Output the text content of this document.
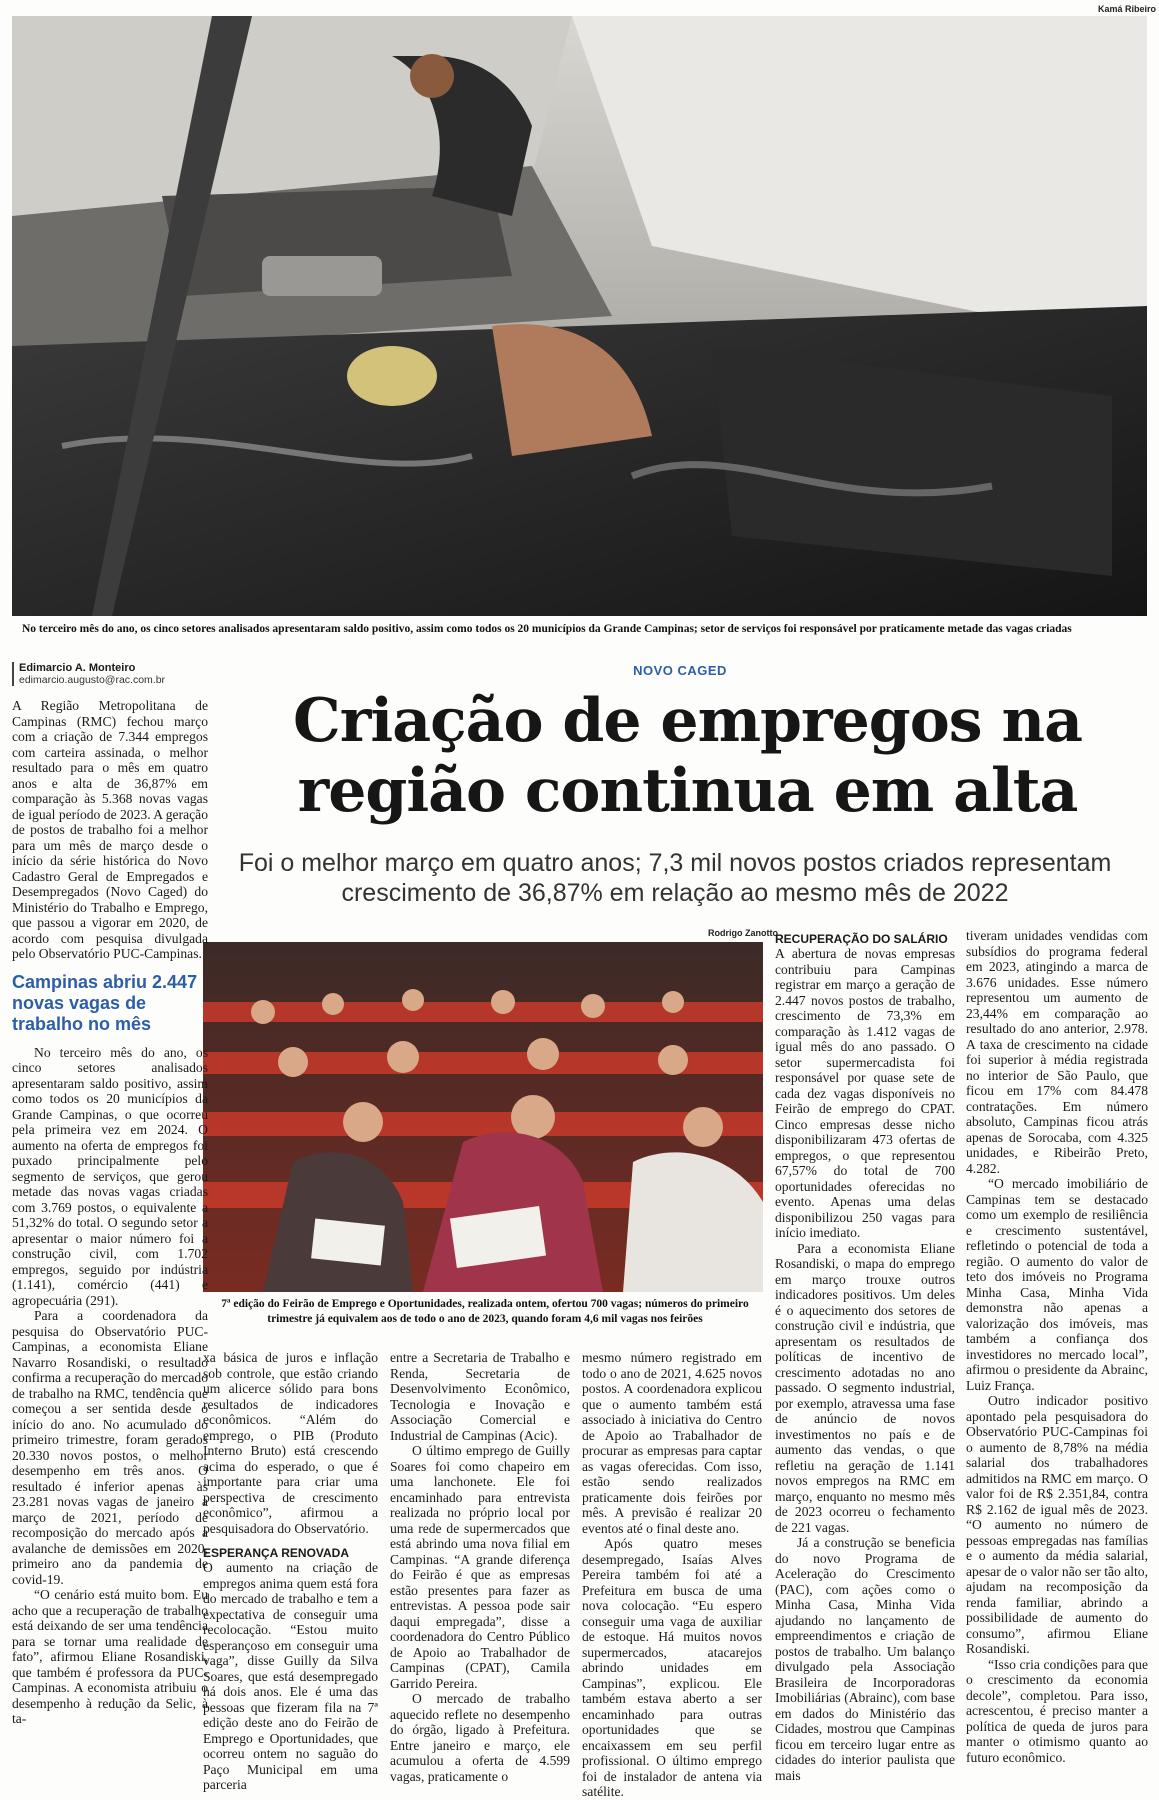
Kamá Ribeiro
No terceiro mês do ano, os cinco setores analisados apresentaram saldo positivo, assim como todos os 20 municípios da Grande Campinas; setor de serviços foi responsável por praticamente metade das vagas criadas
Edimarcio A. Monteiro
edimarcio.augusto@rac.com.br
NOVO CAGED
Criação de empregos na região continua em alta
Foi o melhor março em quatro anos; 7,3 mil novos postos criados representam crescimento de 36,87% em relação ao mesmo mês de 2022
Rodrigo Zanotto
7ª edição do Feirão de Emprego e Oportunidades, realizada ontem, ofertou 700 vagas; números do primeiro trimestre já equivalem aos de todo o ano de 2023, quando foram 4,6 mil vagas nos feirões

A Região Metropolitana de Campinas (RMC) fechou março com a criação de 7.344 empregos com carteira assinada, o melhor resultado para o mês em quatro anos e alta de 36,87% em comparação às 5.368 novas vagas de igual período de 2023. A geração de postos de trabalho foi a melhor para um mês de março desde o início da série histórica do Novo Cadastro Geral de Empregados e Desempregados (Novo Caged) do Ministério do Trabalho e Emprego, que passou a vigorar em 2020, de acordo com pesquisa divulgada pelo Observatório PUC-Campinas.

Campinas abriu 2.447 novas vagas de trabalho no mês

No terceiro mês do ano, os cinco setores analisados apresentaram saldo positivo, assim como todos os 20 municípios da Grande Campinas, o que ocorreu pela primeira vez em 2024. O aumento na oferta de empregos foi puxado principalmente pelo segmento de serviços, que gerou metade das novas vagas criadas com 3.769 postos, o equivalente a 51,32% do total. O segundo setor a apresentar o maior número foi a construção civil, com 1.702 empregos, seguido por indústria (1.141), comércio (441) e agropecuária (291).

Para a coordenadora da pesquisa do Observatório PUC-Campinas, a economista Eliane Navarro Rosandiski, o resultado confirma a recuperação do mercado de trabalho na RMC, tendência que começou a ser sentida desde o início do ano. No acumulado do primeiro trimestre, foram gerados 20.330 novos postos, o melhor desempenho em três anos. O resultado é inferior apenas às 23.281 novas vagas de janeiro a março de 2021, período de recomposição do mercado após a avalanche de demissões em 2020, primeiro ano da pandemia de covid-19.

“O cenário está muito bom. Eu acho que a recuperação de trabalho está deixando de ser uma tendência para se tornar uma realidade de fato”, afirmou Eliane Rosandiski, que também é professora da PUC-Campinas. A economista atribuiu o desempenho à redução da Selic, à ta-

xa básica de juros e inflação sob controle, que estão criando um alicerce sólido para bons resultados de indicadores econômicos. “Além do emprego, o PIB (Produto Interno Bruto) está crescendo acima do esperado, o que é importante para criar uma perspectiva de crescimento econômico”, afirmou a pesquisadora do Observatório.

ESPERANÇA RENOVADA

O aumento na criação de empregos anima quem está fora do mercado de trabalho e tem a expectativa de conseguir uma recolocação. “Estou muito esperançoso em conseguir uma vaga”, disse Guilly da Silva Soares, que está desempregado há dois anos. Ele é uma das pessoas que fizeram fila na 7ª edição deste ano do Feirão de Emprego e Oportunidades, que ocorreu ontem no saguão do Paço Municipal em uma parceria

entre a Secretaria de Trabalho e Renda, Secretaria de Desenvolvimento Econômico, Tecnologia e Inovação e Associação Comercial e Industrial de Campinas (Acic).

O último emprego de Guilly Soares foi como chapeiro em uma lanchonete. Ele foi encaminhado para entrevista realizada no próprio local por uma rede de supermercados que está abrindo uma nova filial em Campinas. “A grande diferença do Feirão é que as empresas estão presentes para fazer as entrevistas. A pessoa pode sair daqui empregada”, disse a coordenadora do Centro Público de Apoio ao Trabalhador de Campinas (CPAT), Camila Garrido Pereira.

O mercado de trabalho aquecido reflete no desempenho do órgão, ligado à Prefeitura. Entre janeiro e março, ele acumulou a oferta de 4.599 vagas, praticamente o

mesmo número registrado em todo o ano de 2021, 4.625 novos postos. A coordenadora explicou que o aumento também está associado à iniciativa do Centro de Apoio ao Trabalhador de procurar as empresas para captar as vagas oferecidas. Com isso, estão sendo realizados praticamente dois feirões por mês. A previsão é realizar 20 eventos até o final deste ano.

Após quatro meses desempregado, Isaías Alves Pereira também foi até a Prefeitura em busca de uma nova colocação. “Eu espero conseguir uma vaga de auxiliar de estoque. Há muitos novos supermercados, atacarejos abrindo unidades em Campinas”, explicou. Ele também estava aberto a ser encaminhado para outras oportunidades que se encaixassem em seu perfil profissional. O último emprego foi de instalador de antena via satélite.

RECUPERAÇÃO DO SALÁRIO

A abertura de novas empresas contribuiu para Campinas registrar em março a geração de 2.447 novos postos de trabalho, crescimento de 73,3% em comparação às 1.412 vagas de igual mês do ano passado. O setor supermercadista foi responsável por quase sete de cada dez vagas disponíveis no Feirão de emprego do CPAT. Cinco empresas desse nicho disponibilizaram 473 ofertas de empregos, o que representou 67,57% do total de 700 oportunidades oferecidas no evento. Apenas uma delas disponibilizou 250 vagas para início imediato.

Para a economista Eliane Rosandiski, o mapa do emprego em março trouxe outros indicadores positivos. Um deles é o aquecimento dos setores de construção civil e indústria, que apresentam os resultados de políticas de incentivo de crescimento adotadas no ano passado. O segmento industrial, por exemplo, atravessa uma fase de anúncio de novos investimentos no país e de aumento das vendas, o que refletiu na geração de 1.141 novos empregos na RMC em março, enquanto no mesmo mês de 2023 ocorreu o fechamento de 221 vagas.

Já a construção se beneficia do novo Programa de Aceleração do Crescimento (PAC), com ações como o Minha Casa, Minha Vida ajudando no lançamento de empreendimentos e criação de postos de trabalho. Um balanço divulgado pela Associação Brasileira de Incorporadoras Imobiliárias (Abrainc), com base em dados do Ministério das Cidades, mostrou que Campinas ficou em terceiro lugar entre as cidades do interior paulista que mais

tiveram unidades vendidas com subsídios do programa federal em 2023, atingindo a marca de 3.676 unidades. Esse número representou um aumento de 23,44% em comparação ao resultado do ano anterior, 2.978. A taxa de crescimento na cidade foi superior à média registrada no interior de São Paulo, que ficou em 17% com 84.478 contratações. Em número absoluto, Campinas ficou atrás apenas de Sorocaba, com 4.325 unidades, e Ribeirão Preto, 4.282.

“O mercado imobiliário de Campinas tem se destacado como um exemplo de resiliência e crescimento sustentável, refletindo o potencial de toda a região. O aumento do valor de teto dos imóveis no Programa Minha Casa, Minha Vida demonstra não apenas a valorização dos imóveis, mas também a confiança dos investidores no mercado local”, afirmou o presidente da Abrainc, Luiz França.

Outro indicador positivo apontado pela pesquisadora do Observatório PUC-Campinas foi o aumento de 8,78% na média salarial dos trabalhadores admitidos na RMC em março. O valor foi de R$ 2.351,84, contra R$ 2.162 de igual mês de 2023. “O aumento no número de pessoas empregadas nas famílias e o aumento da média salarial, apesar de o valor não ser tão alto, ajudam na recomposição da renda familiar, abrindo a possibilidade de aumento do consumo”, afirmou Eliane Rosandiski.

“Isso cria condições para que o crescimento da economia decole”, completou. Para isso, acrescentou, é preciso manter a política de queda de juros para manter o otimismo quanto ao futuro econômico.
